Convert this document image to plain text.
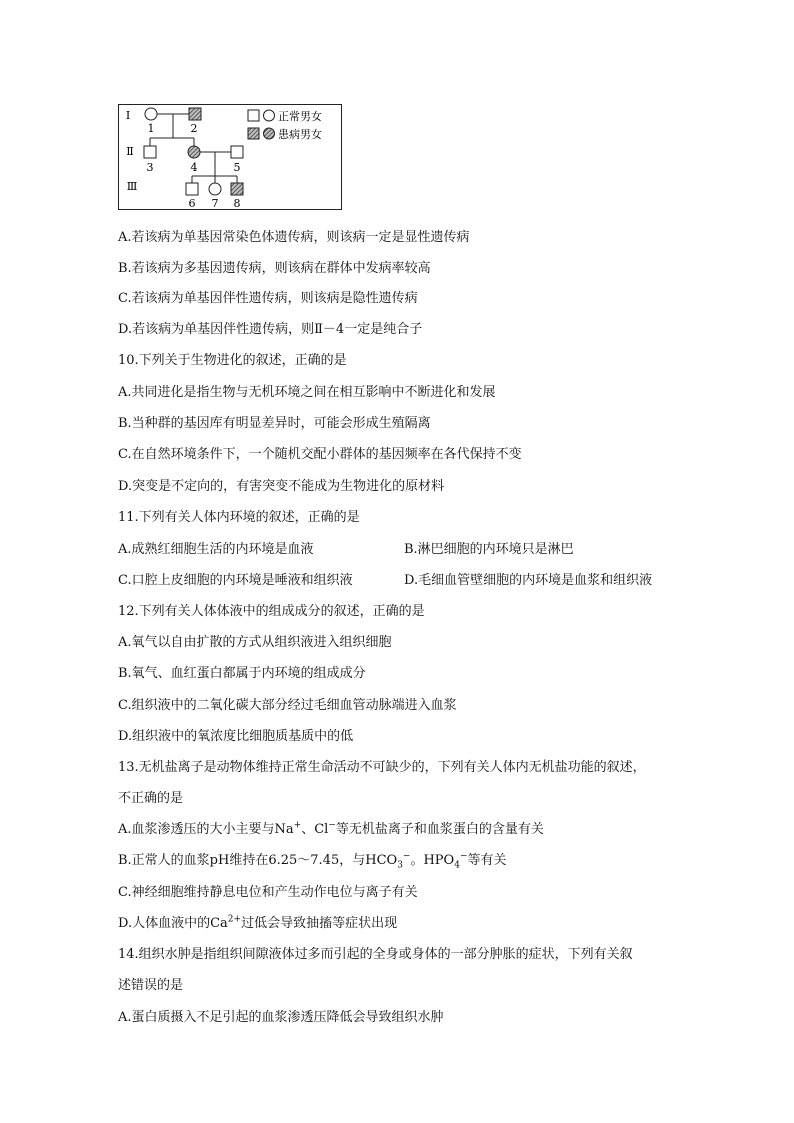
Ⅰ
Ⅱ
Ⅲ
1	2
3	4	5
6 7 8
正常男女
患病男女
A.若该病为单基因常染色体遗传病，则该病一定是显性遗传病
B.若该病为多基因遗传病，则该病在群体中发病率较高
C.若该病为单基因伴性遗传病，则该病是隐性遗传病
D.若该病为单基因伴性遗传病，则Ⅱ－4一定是纯合子
10.下列关于生物进化的叙述，正确的是
A.共同进化是指生物与无机环境之间在相互影响中不断进化和发展
B.当种群的基因库有明显差异时，可能会形成生殖隔离
C.在自然环境条件下，一个随机交配小群体的基因频率在各代保持不变
D.突变是不定向的，有害突变不能成为生物进化的原材料
11.下列有关人体内环境的叙述，正确的是
A.成熟红细胞生活的内环境是血液	B.淋巴细胞的内环境只是淋巴
C.口腔上皮细胞的内环境是唾液和组织液	D.毛细血管壁细胞的内环境是血浆和组织液
12.下列有关人体体液中的组成成分的叙述，正确的是
A.氧气以自由扩散的方式从组织液进入组织细胞
B.氧气、血红蛋白都属于内环境的组成成分
C.组织液中的二氧化碳大部分经过毛细血管动脉端进入血浆
D.组织液中的氧浓度比细胞质基质中的低
13.无机盐离子是动物体维持正常生命活动不可缺少的，下列有关人体内无机盐功能的叙述，
不正确的是
A.血浆渗透压的大小主要与Na+、Cl−等无机盐离子和血浆蛋白的含量有关
B.正常人的血浆pH维持在6.25～7.45，与$HCO_3^-$。$HPO_4^-$等有关
C.神经细胞维持静息电位和产生动作电位与离子有关
D.人体血液中的$Ca^{2+}$过低会导致抽搐等症状出现
14.组织水肿是指组织间隙液体过多而引起的全身或身体的一部分肿胀的症状，下列有关叙
述错误的是
A.蛋白质摄入不足引起的血浆渗透压降低会导致组织水肿
